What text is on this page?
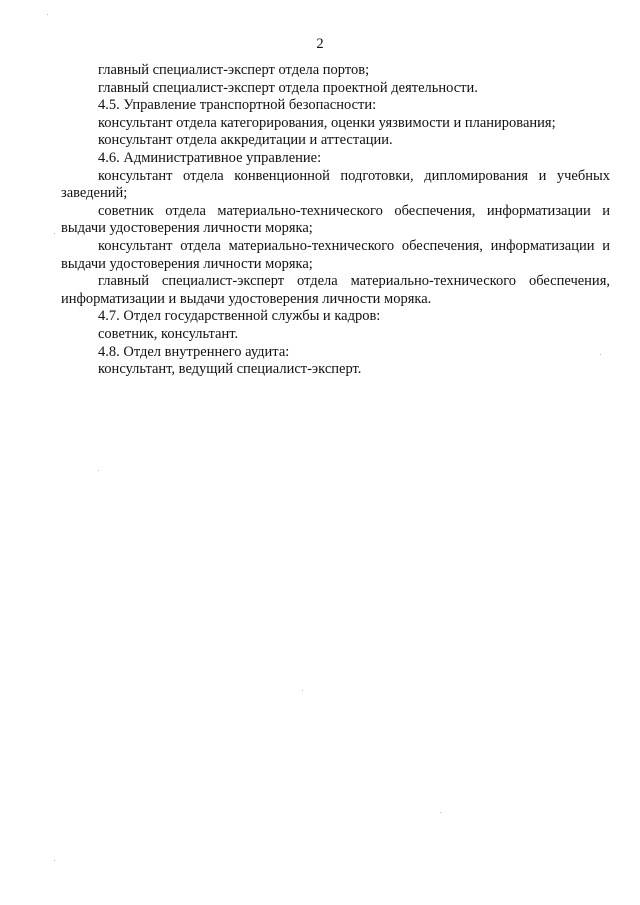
2

главный специалист-эксперт отдела портов;

главный специалист-эксперт отдела проектной деятельности.

4.5. Управление транспортной безопасности:

консультант отдела категорирования, оценки уязвимости и планирования;

консультант отдела аккредитации и аттестации.

4.6. Административное управление:

консультант отдела конвенционной подготовки, дипломирования и учебных заведений;

советник отдела материально-технического обеспечения, информатизации и выдачи удостоверения личности моряка;

консультант отдела материально-технического обеспечения, информатизации и выдачи удостоверения личности моряка;

главный специалист-эксперт отдела материально-технического обеспечения, информатизации и выдачи удостоверения личности моряка.

4.7. Отдел государственной службы и кадров:

советник, консультант.

4.8. Отдел внутреннего аудита:

консультант, ведущий специалист-эксперт.
